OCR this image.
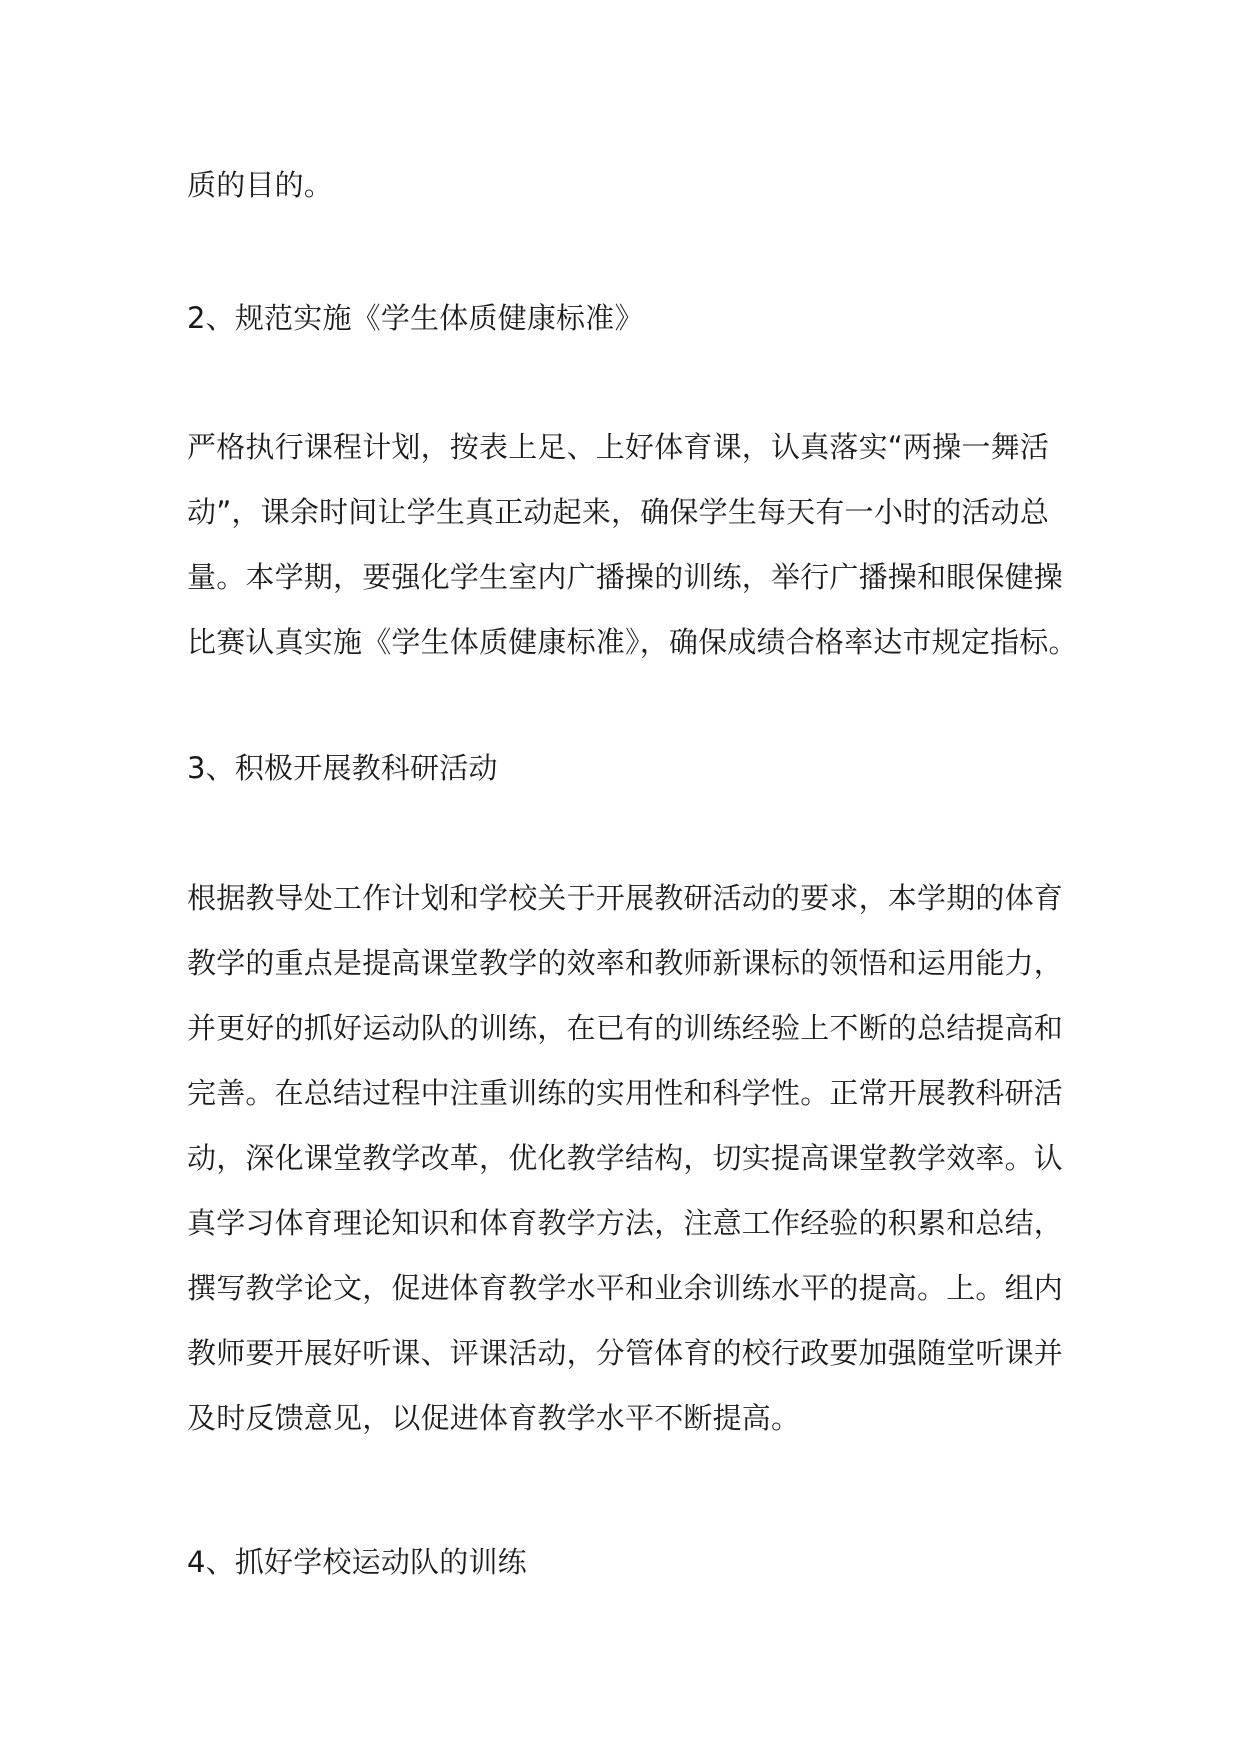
质的目的。

2、规范实施《学生体质健康标准》

严格执行课程计划，按表上足、上好体育课，认真落实“两操一舞活
动”，课余时间让学生真正动起来，确保学生每天有一小时的活动总
量。本学期，要强化学生室内广播操的训练，举行广播操和眼保健操
比赛认真实施《学生体质健康标准》，确保成绩合格率达市规定指标。

3、积极开展教科研活动

根据教导处工作计划和学校关于开展教研活动的要求，本学期的体育
教学的重点是提高课堂教学的效率和教师新课标的领悟和运用能力，
并更好的抓好运动队的训练，在已有的训练经验上不断的总结提高和
完善。在总结过程中注重训练的实用性和科学性。正常开展教科研活
动，深化课堂教学改革，优化教学结构，切实提高课堂教学效率。认
真学习体育理论知识和体育教学方法，注意工作经验的积累和总结，
撰写教学论文，促进体育教学水平和业余训练水平的提高。上。组内
教师要开展好听课、评课活动，分管体育的校行政要加强随堂听课并
及时反馈意见，以促进体育教学水平不断提高。

4、抓好学校运动队的训练
